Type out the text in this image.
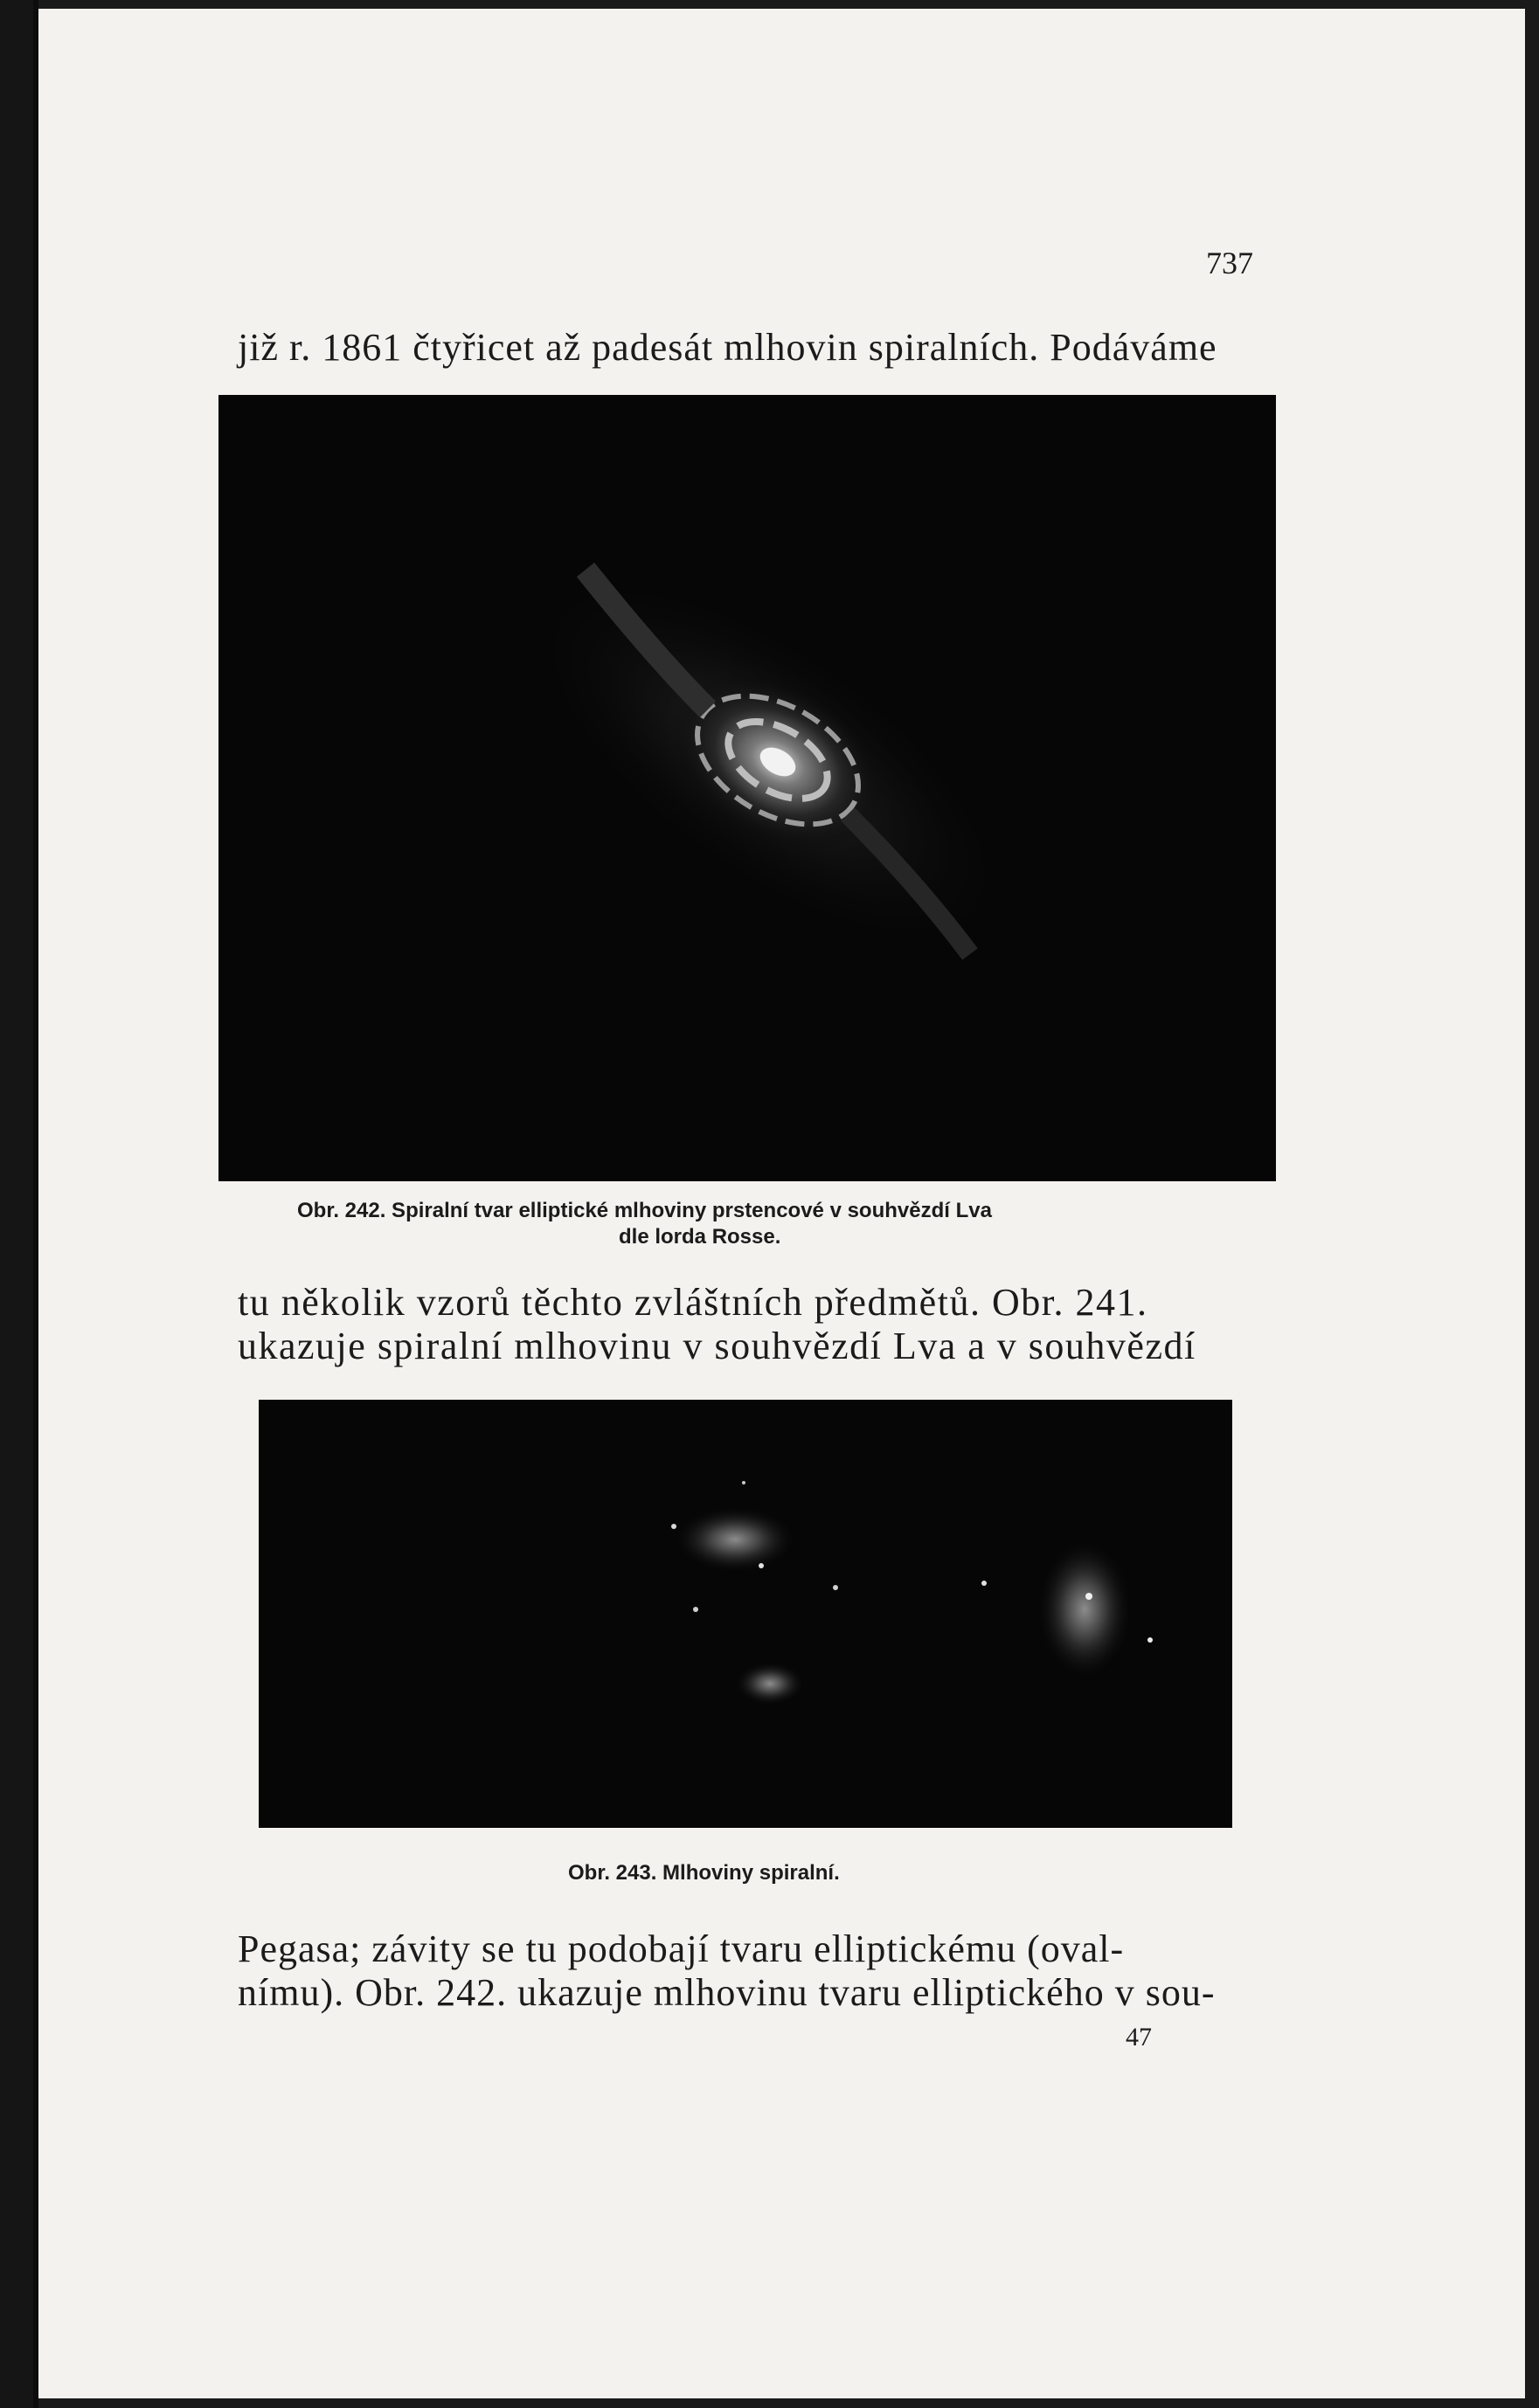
737
již r. 1861 čtyřicet až padesát mlhovin spiralních. Podáváme
Obr. 242. Spiralní tvar elliptické mlhoviny prstencové v souhvězdí Lva
dle lorda Rosse.
tu několik vzorů těchto zvláštních předmětů. Obr. 241.
ukazuje spiralní mlhovinu v souhvězdí Lva a v souhvězdí
Obr. 243. Mlhoviny spiralní.
Pegasa; závity se tu podobají tvaru elliptickému (oval-
nímu). Obr. 242. ukazuje mlhovinu tvaru elliptického v sou-
47
